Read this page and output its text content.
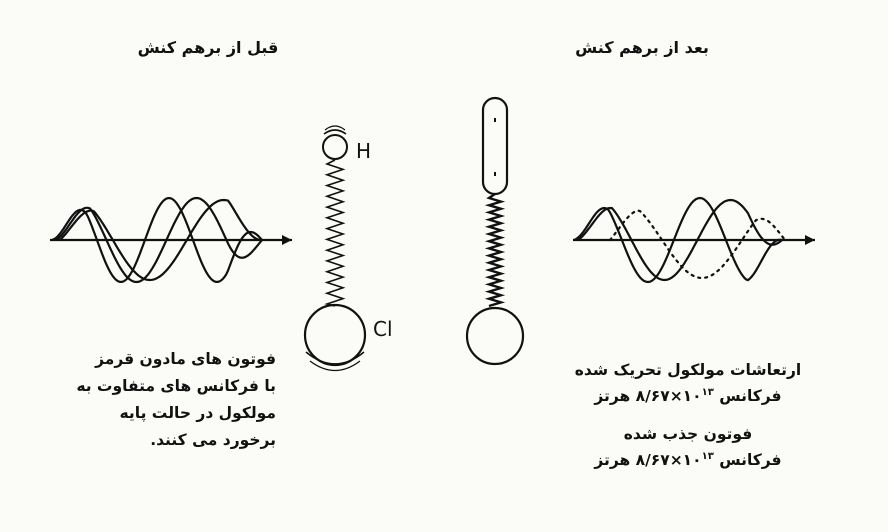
قبل از برهم کنش	بعد از برهم کنش
H
Cl
فوتون های مادون قرمز
با فرکانس های متفاوت به
مولکول در حالت پایه
برخورد می کنند.
ارتعاشات مولکول تحریک شده
فرکانس $۸/۶۷\times ۱۰^{۱۳}$ هرتز
فوتون جذب شده
فرکانس $۸/۶۷\times ۱۰^{۱۳}$ هرتز
